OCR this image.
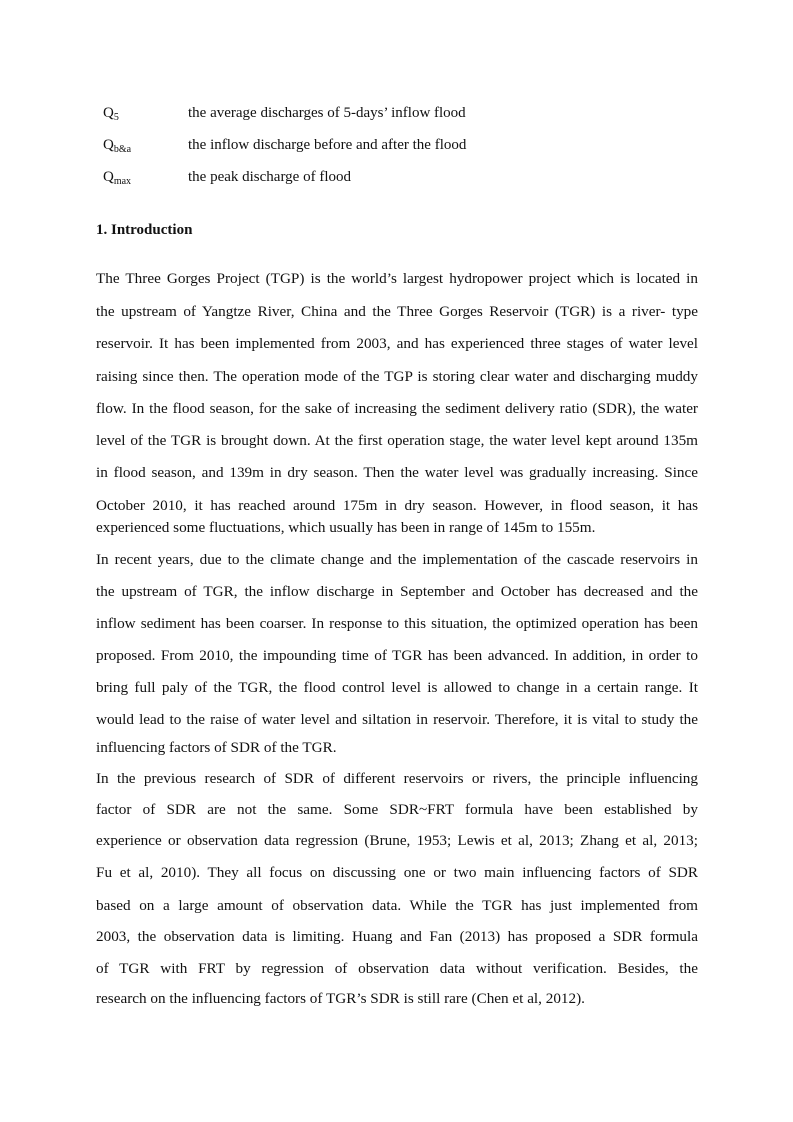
$Q_5$	the average discharges of 5-days’ inflow flood
$Q_{b\&a}$	the inflow discharge before and after the flood
$Q_{max}$	the peak discharge of flood
1. Introduction
The Three Gorges Project (TGP) is the world’s largest hydropower project which is located in
the upstream of Yangtze River, China and the Three Gorges Reservoir (TGR) is a river- type
reservoir. It has been implemented from 2003, and has experienced three stages of water level
raising since then. The operation mode of the TGP is storing clear water and discharging muddy
flow. In the flood season, for the sake of increasing the sediment delivery ratio (SDR), the water
level of the TGR is brought down. At the first operation stage, the water level kept around 135m
in flood season, and 139m in dry season. Then the water level was gradually increasing. Since
October 2010, it has reached around 175m in dry season. However, in flood season, it has
experienced some fluctuations, which usually has been in range of 145m to 155m.
In recent years, due to the climate change and the implementation of the cascade reservoirs in
the upstream of TGR, the inflow discharge in September and October has decreased and the
inflow sediment has been coarser. In response to this situation, the optimized operation has been
proposed. From 2010, the impounding time of TGR has been advanced. In addition, in order to
bring full paly of the TGR, the flood control level is allowed to change in a certain range. It
would lead to the raise of water level and siltation in reservoir. Therefore, it is vital to study the
influencing factors of SDR of the TGR.
In the previous research of SDR of different reservoirs or rivers, the principle influencing
factor of SDR are not the same. Some SDR~FRT formula have been established by
experience or observation data regression (Brune, 1953; Lewis et al, 2013; Zhang et al, 2013;
Fu et al, 2010). They all focus on discussing one or two main influencing factors of SDR
based on a large amount of observation data. While the TGR has just implemented from
2003, the observation data is limiting. Huang and Fan (2013) has proposed a SDR formula
of TGR with FRT by regression of observation data without verification. Besides, the
research on the influencing factors of TGR’s SDR is still rare (Chen et al, 2012).
